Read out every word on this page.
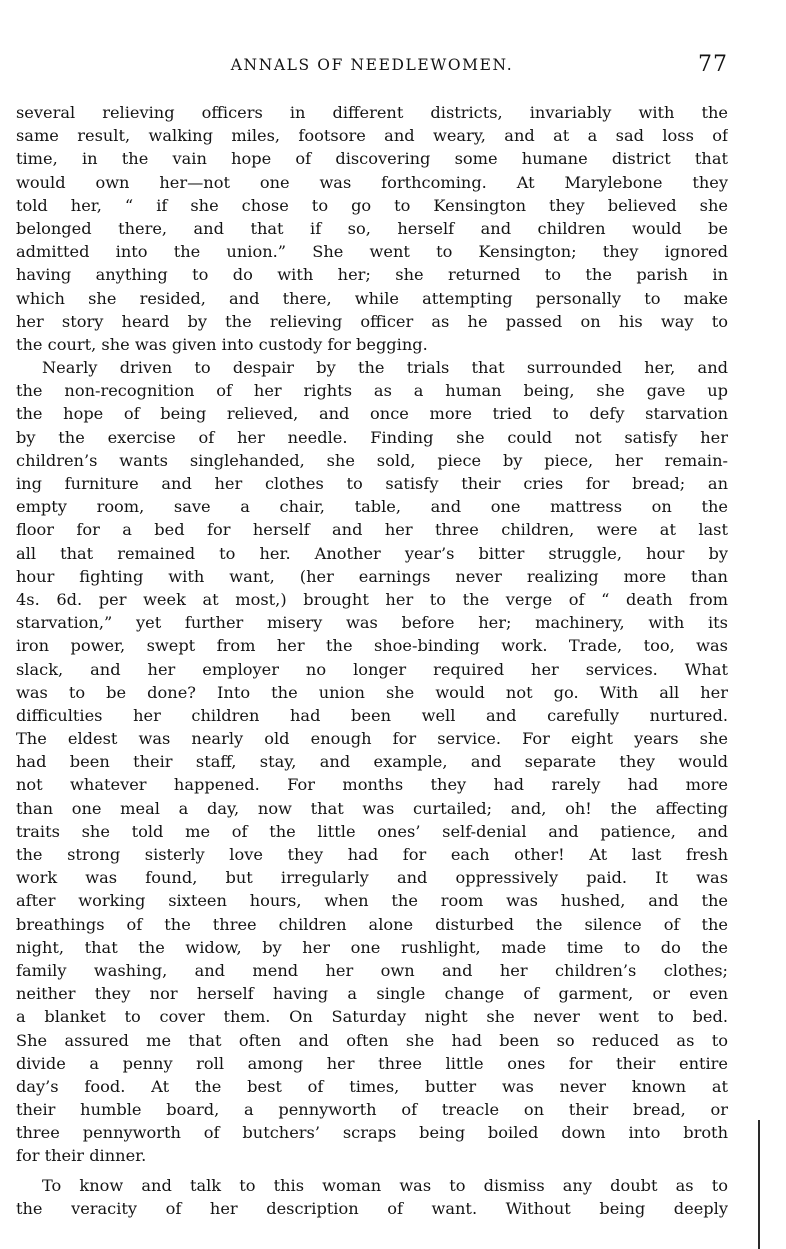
ANNALS OF NEEDLEWOMEN.	77
several relieving officers in different districts, invariably with the
same result, walking miles, footsore and weary, and at a sad loss of
time, in the vain hope of discovering some humane district that
would own her—not one was forthcoming. At Marylebone they
told her, “ if she chose to go to Kensington they believed she
belonged there, and that if so, herself and children would be
admitted into the union.” She went to Kensington; they ignored
having anything to do with her; she returned to the parish in
which she resided, and there, while attempting personally to make
her story heard by the relieving officer as he passed on his way to
the court, she was given into custody for begging.
Nearly driven to despair by the trials that surrounded her, and
the non-recognition of her rights as a human being, she gave up
the hope of being relieved, and once more tried to defy starvation
by the exercise of her needle. Finding she could not satisfy her
children’s wants singlehanded, she sold, piece by piece, her remain-
ing furniture and her clothes to satisfy their cries for bread; an
empty room, save a chair, table, and one mattress on the
floor for a bed for herself and her three children, were at last
all that remained to her. Another year’s bitter struggle, hour by
hour fighting with want, (her earnings never realizing more than
4s. 6d. per week at most,) brought her to the verge of “ death from
starvation,” yet further misery was before her; machinery, with its
iron power, swept from her the shoe-binding work. Trade, too, was
slack, and her employer no longer required her services. What
was to be done? Into the union she would not go. With all her
difficulties her children had been well and carefully nurtured.
The eldest was nearly old enough for service. For eight years she
had been their staff, stay, and example, and separate they would
not whatever happened. For months they had rarely had more
than one meal a day, now that was curtailed; and, oh! the affecting
traits she told me of the little ones’ self-denial and patience, and
the strong sisterly love they had for each other! At last fresh
work was found, but irregularly and oppressively paid. It was
after working sixteen hours, when the room was hushed, and the
breathings of the three children alone disturbed the silence of the
night, that the widow, by her one rushlight, made time to do the
family washing, and mend her own and her children’s clothes;
neither they nor herself having a single change of garment, or even
a blanket to cover them. On Saturday night she never went to bed.
She assured me that often and often she had been so reduced as to
divide a penny roll among her three little ones for their entire
day’s food. At the best of times, butter was never known at
their humble board, a pennyworth of treacle on their bread, or
three pennyworth of butchers’ scraps being boiled down into broth
for their dinner.
To know and talk to this woman was to dismiss any doubt as to
the veracity of her description of want. Without being deeply
